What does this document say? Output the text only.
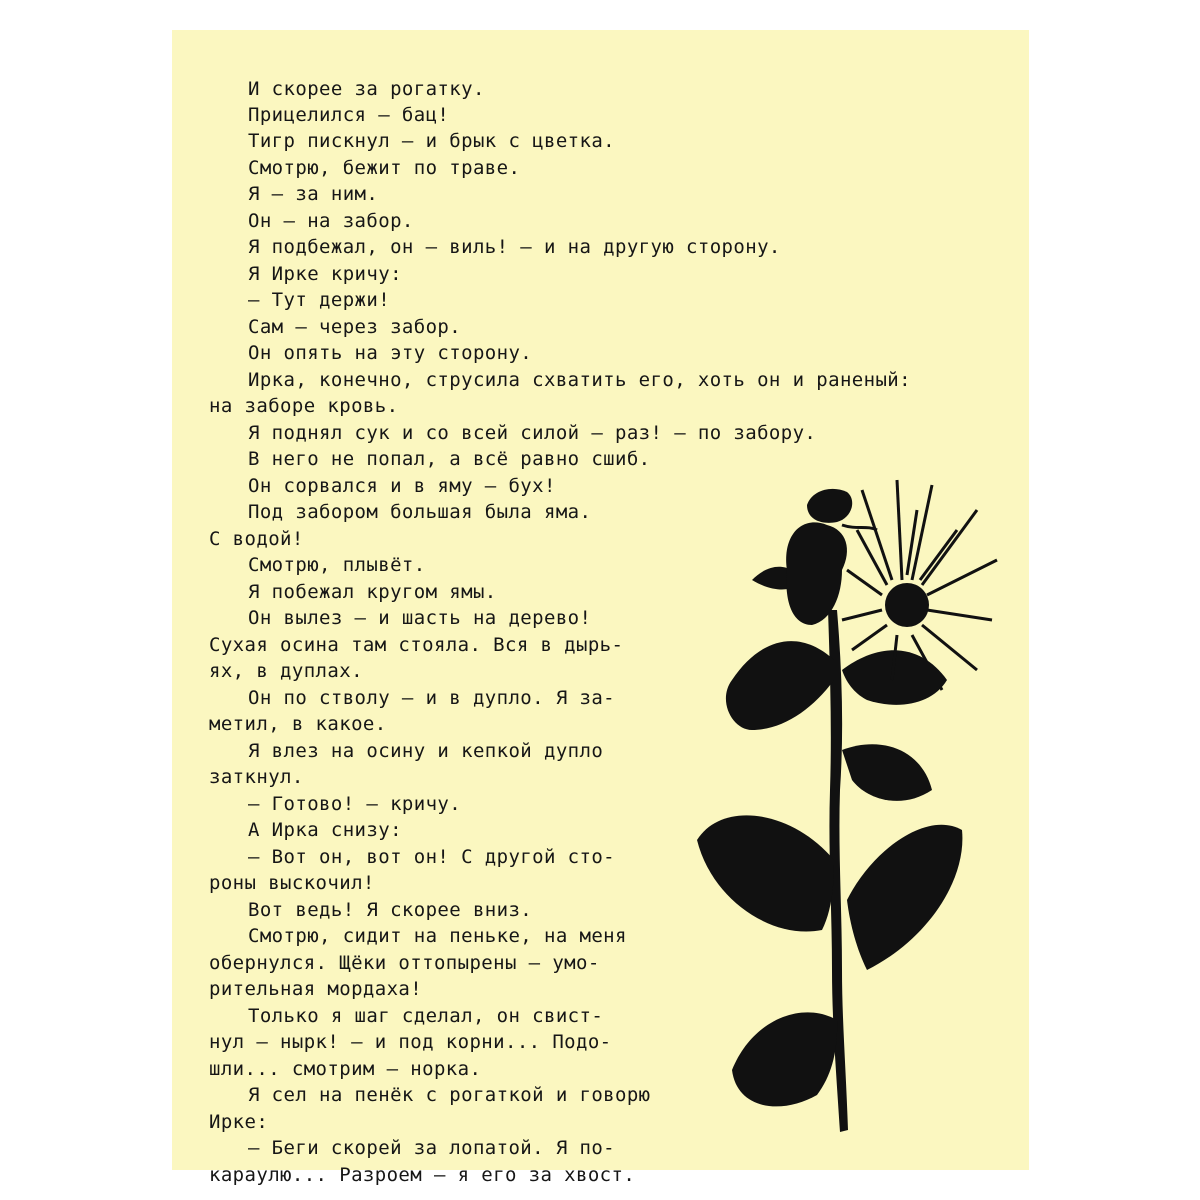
И скорее за рогатку.
Прицелился — бац!
Тигр пискнул — и брык с цветка.
Смотрю, бежит по траве.
Я — за ним.
Он — на забор.
Я подбежал, он — виль! — и на другую сторону.
Я Ирке кричу:
— Тут держи!
Сам — через забор.
Он опять на эту сторону.
Ирка, конечно, струсила схватить его, хоть он и раненый:
на заборе кровь.
Я поднял сук и со всей силой — раз! — по забору.
В него не попал, а всё равно сшиб.
Он сорвался и в яму — бух!
Под забором большая была яма.
С водой!
Смотрю, плывёт.
Я побежал кругом ямы.
Он вылез — и шасть на дерево!
Сухая осина там стояла. Вся в дырь-
ях, в дуплах.
Он по стволу — и в дупло. Я за-
метил, в какое.
Я влез на осину и кепкой дупло
заткнул.
— Готово! — кричу.
А Ирка снизу:
— Вот он, вот он! С другой сто-
роны выскочил!
Вот ведь! Я скорее вниз.
Смотрю, сидит на пеньке, на меня
обернулся. Щёки оттопырены — умо-
рительная мордаха!
Только я шаг сделал, он свист-
нул — нырк! — и под корни... Подо-
шли... смотрим — норка.
Я сел на пенёк с рогаткой и говорю
Ирке:
— Беги скорей за лопатой. Я по-
караулю... Разроем — я его за хвост.
